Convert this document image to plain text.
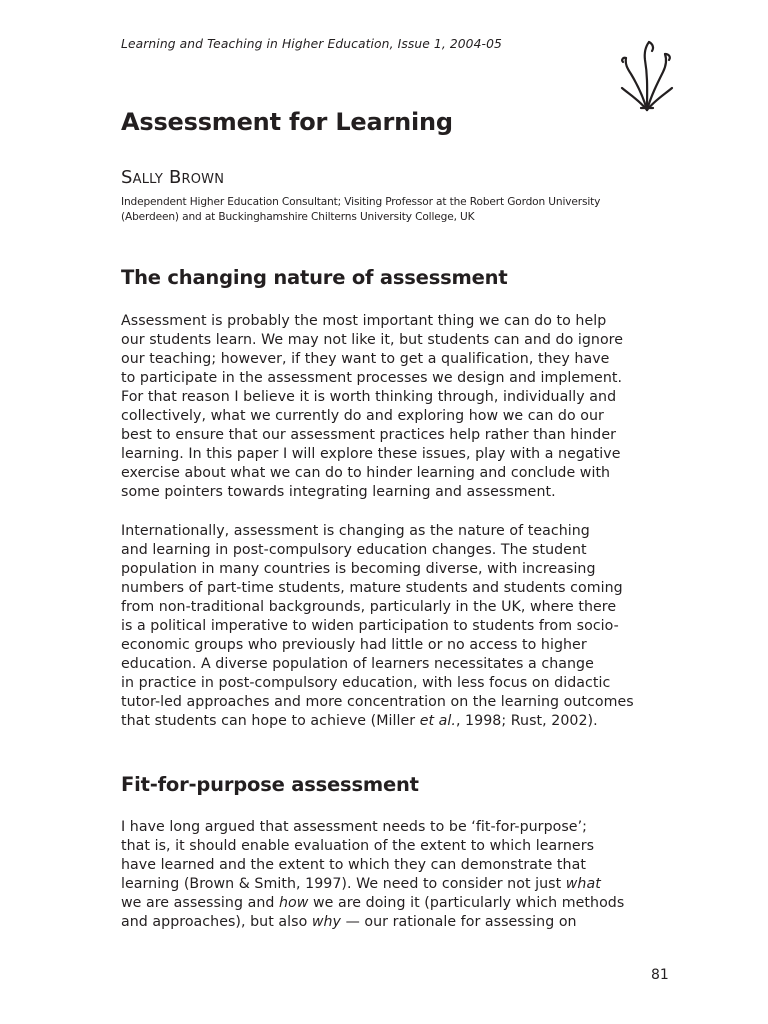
Learning and Teaching in Higher Education, Issue 1, 2004-05
Assessment for Learning
Sally Brown
Independent Higher Education Consultant; Visiting Professor at the Robert Gordon University
(Aberdeen) and at Buckinghamshire Chilterns University College, UK
The changing nature of assessment
Assessment is probably the most important thing we can do to help
our students learn. We may not like it, but students can and do ignore
our teaching; however, if they want to get a qualification, they have
to participate in the assessment processes we design and implement.
For that reason I believe it is worth thinking through, individually and
collectively, what we currently do and exploring how we can do our
best to ensure that our assessment practices help rather than hinder
learning. In this paper I will explore these issues, play with a negative
exercise about what we can do to hinder learning and conclude with
some pointers towards integrating learning and assessment.
Internationally, assessment is changing as the nature of teaching
and learning in post-compulsory education changes. The student
population in many countries is becoming diverse, with increasing
numbers of part-time students, mature students and students coming
from non-traditional backgrounds, particularly in the UK, where there
is a political imperative to widen participation to students from socio-
economic groups who previously had little or no access to higher
education. A diverse population of learners necessitates a change
in practice in post-compulsory education, with less focus on didactic
tutor-led approaches and more concentration on the learning outcomes
that students can hope to achieve (Miller et al., 1998; Rust, 2002).
Fit-for-purpose assessment
I have long argued that assessment needs to be ‘fit-for-purpose’;
that is, it should enable evaluation of the extent to which learners
have learned and the extent to which they can demonstrate that
learning (Brown & Smith, 1997). We need to consider not just what
we are assessing and how we are doing it (particularly which methods
and approaches), but also why — our rationale for assessing on
81
